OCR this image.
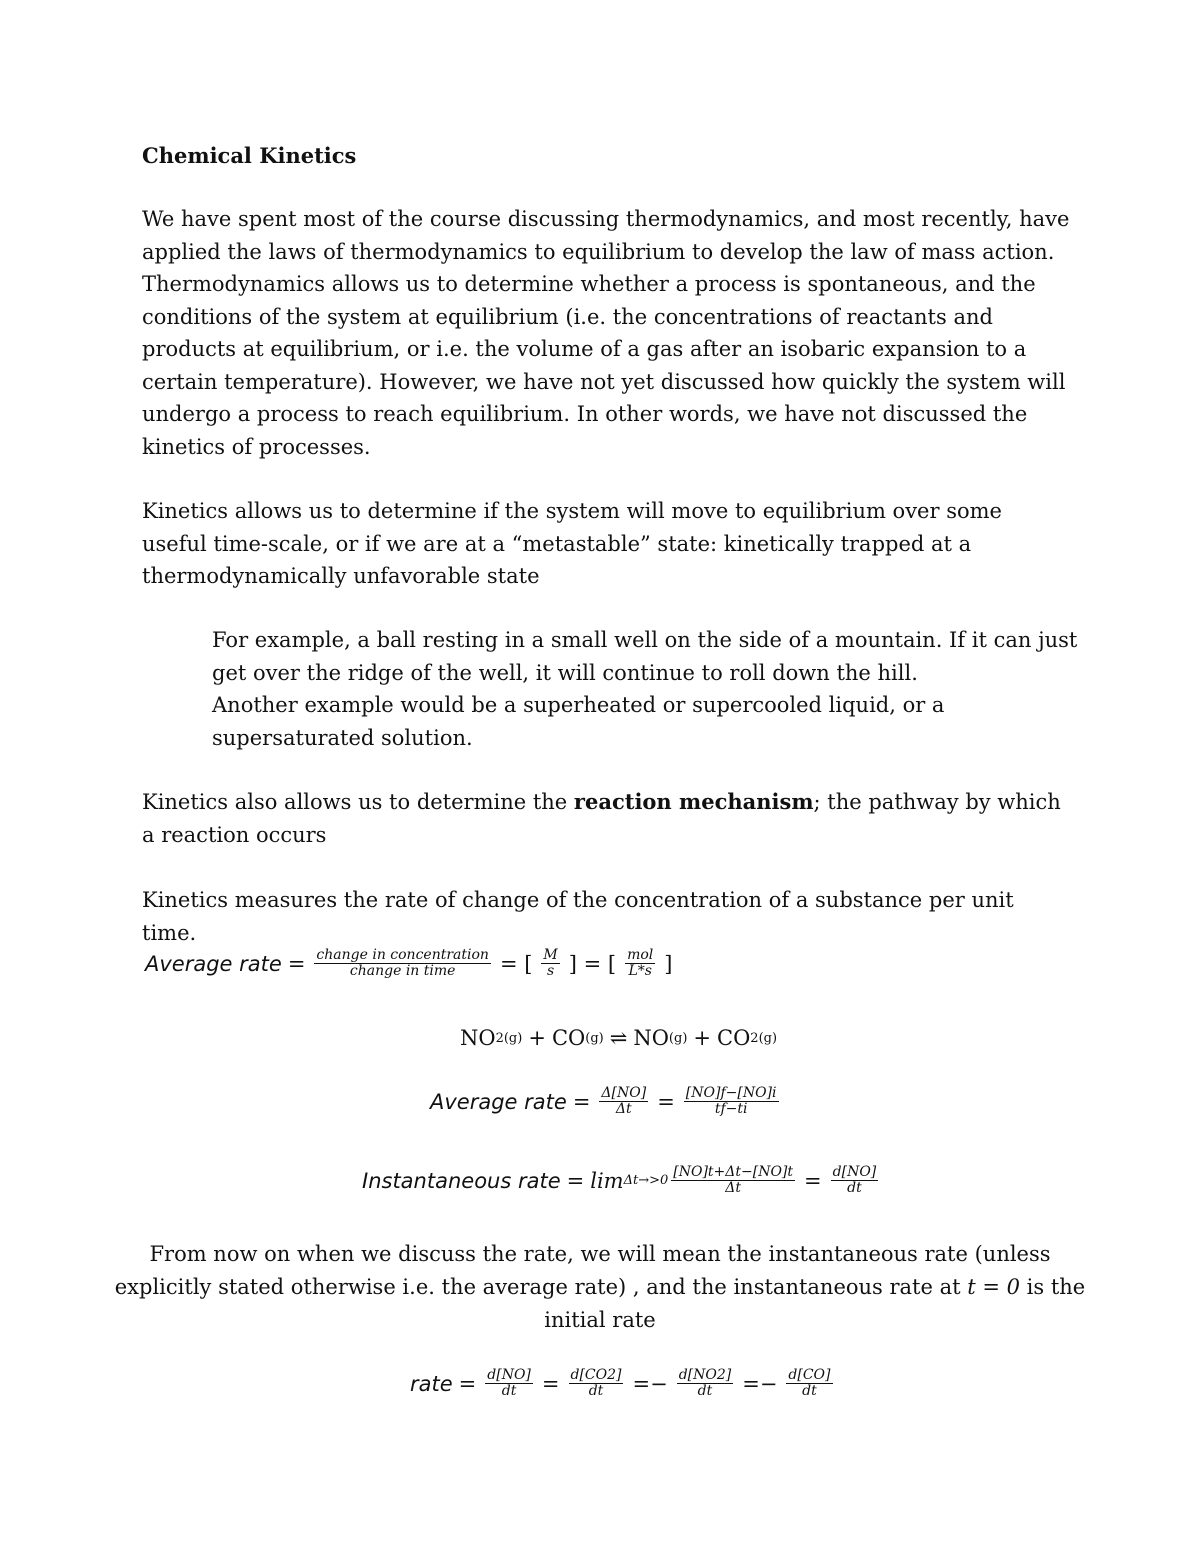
Chemical Kinetics
We have spent most of the course discussing thermodynamics, and most recently, have applied the laws of thermodynamics to equilibrium to develop the law of mass action. Thermodynamics allows us to determine whether a process is spontaneous, and the conditions of the system at equilibrium (i.e. the concentrations of reactants and products at equilibrium, or i.e. the volume of a gas after an isobaric expansion to a certain temperature). However, we have not yet discussed how quickly the system will undergo a process to reach equilibrium. In other words, we have not discussed the kinetics of processes.
Kinetics allows us to determine if the system will move to equilibrium over some useful time-scale, or if we are at a “metastable” state: kinetically trapped at a thermodynamically unfavorable state
For example, a ball resting in a small well on the side of a mountain. If it can just get over the ridge of the well, it will continue to roll down the hill.
Another example would be a superheated or supercooled liquid, or a supersaturated solution.
Kinetics also allows us to determine the reaction mechanism; the pathway by which a reaction occurs
Kinetics measures the rate of change of the concentration of a substance per unit time.
Average rate = $\frac{\text{change in concentration}}{\text{change in time}}$ = [ $\frac{M}{s}$ ] = [ $\frac{\text{mol}}{L*s}$ ]
NO 2(g) + CO (g) ⇌ NO (g) + CO 2(g)
Average rate = $\frac{\Delta[NO]}{\Delta t} = \frac{[NO]f-[NO]i}{tf-ti}$
Instantaneous rate = $\lim \Delta t\to>0 \frac{[NO]t+\Delta t-[NO]t}{\Delta t} = \frac{d[NO]}{dt}$
From now on when we discuss the rate, we will mean the instantaneous rate (unless explicitly stated otherwise i.e. the average rate) , and the instantaneous rate at t = 0 is the initial rate
rate = $\frac{d[NO]}{dt} = \frac{d[CO2]}{dt} =- \frac{d[NO2]}{dt} =- \frac{d[CO]}{dt}$
